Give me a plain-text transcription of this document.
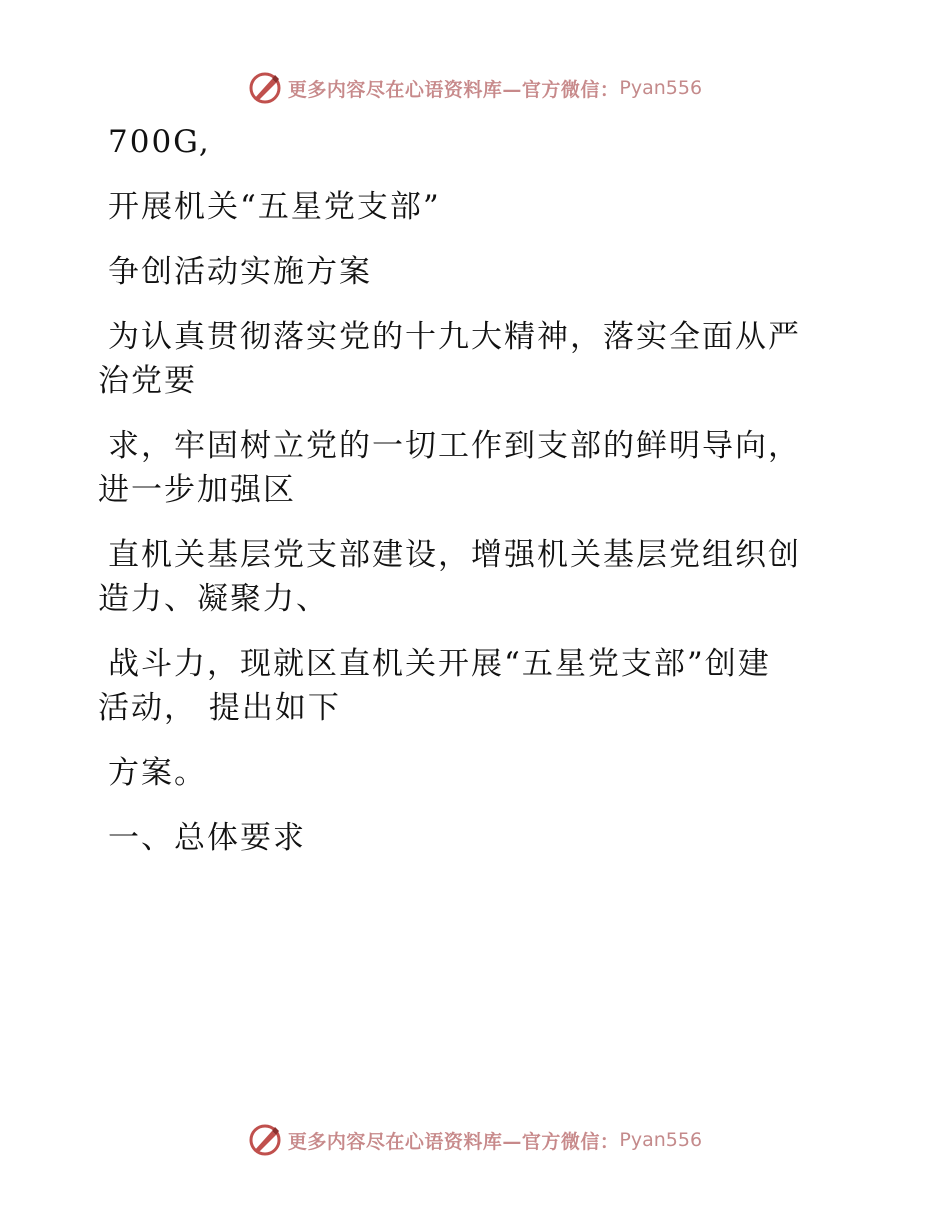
更多内容尽在心语资料库—官方微信： Pyan556

700G,

开展机关“五星党支部”

争创活动实施方案

为认真贯彻落实党的十九大精神，落实全面从严

治党要

求，牢固树立党的一切工作到支部的鲜明导向，

进一步加强区

直机关基层党支部建设，增强机关基层党组织创

造力、凝聚力、

战斗力，现就区直机关开展“五星党支部”创建

活动， 提出如下

方案。

一、总体要求

更多内容尽在心语资料库—官方微信： Pyan556
